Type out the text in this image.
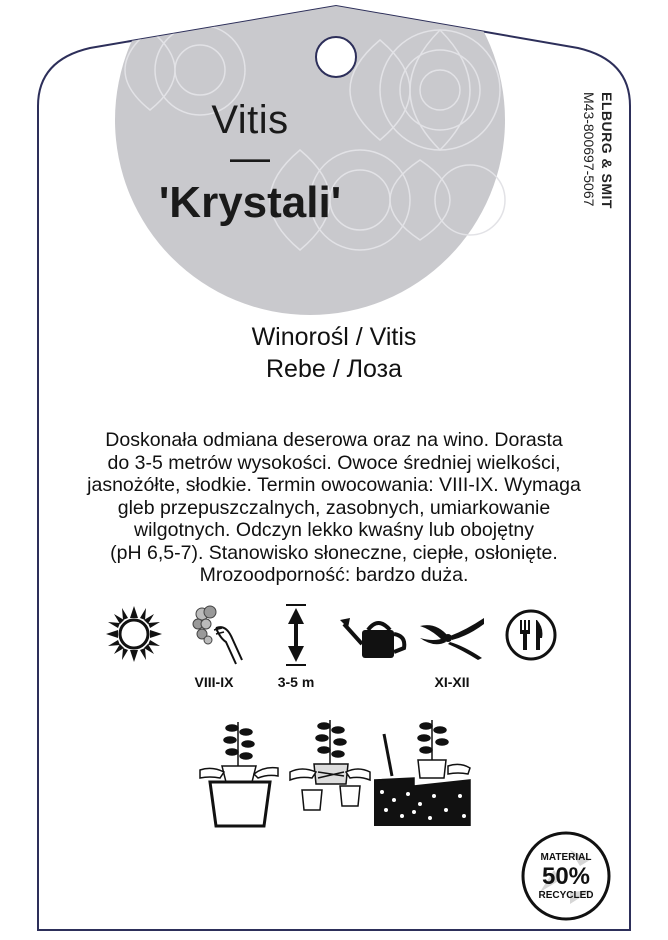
Vitis
—
'Krystali'	ELBURG & SMIT
M43-800697-5067
Winorośl / Vitis
Rebe / Лоза
Doskonała odmiana deserowa oraz na wino. Dorasta
do 3-5 metrów wysokości. Owoce średniej wielkości,
jasnożółte, słodkie. Termin owocowania: VIII-IX. Wymaga
gleb przepuszczalnych, zasobnych, umiarkowanie
wilgotnych. Odczyn lekko kwaśny lub obojętny
(pH 6,5-7). Stanowisko słoneczne, ciepłe, osłonięte.
Mrozoodporność: bardzo duża.
VIII-IX	3-5 m	XI-XII
MATERIAL
50%
RECYCLED
